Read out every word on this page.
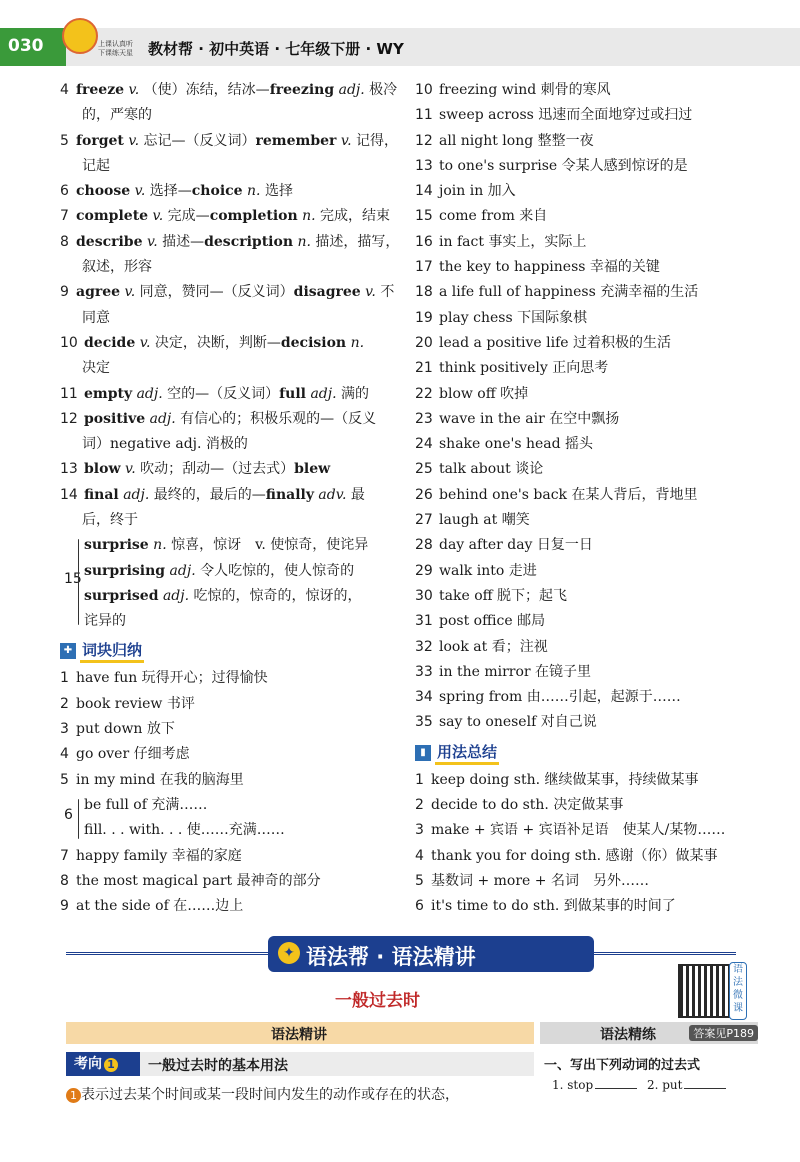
030	上课认真听 下课练天星	教材帮 · 初中英语 · 七年级下册 · WY
4 freeze v. （使）冻结，结冰—freezing adj. 极冷
的，严寒的
5 forget v. 忘记—（反义词）remember v. 记得，
记起
6 choose v. 选择—choice n. 选择
7 complete v. 完成—completion n. 完成，结束
8 describe v. 描述—description n. 描述，描写，
叙述，形容
9 agree v. 同意，赞同—（反义词）disagree v. 不
同意
10 decide v. 决定，决断，判断—decision n.
决定
11 empty adj. 空的—（反义词）full adj. 满的
12 positive adj. 有信心的；积极乐观的—（反义
词）negative adj. 消极的
13 blow v. 吹动；刮动—（过去式）blew
14 final adj. 最终的，最后的—finally adv. 最
后，终于
15
surprise n. 惊喜，惊讶　v. 使惊奇，使诧异
surprising adj. 令人吃惊的，使人惊奇的
surprised adj. 吃惊的，惊奇的，惊讶的，
诧异的
✚ 词块归纳
1 have fun 玩得开心；过得愉快
2 book review 书评
3 put down 放下
4 go over 仔细考虑
5 in my mind 在我的脑海里
6
be full of 充满……
fill. . . with. . . 使……充满……
7 happy family 幸福的家庭
8 the most magical part 最神奇的部分
9 at the side of 在……边上
10 freezing wind 刺骨的寒风
11 sweep across 迅速而全面地穿过或扫过
12 all night long 整整一夜
13 to one's surprise 令某人感到惊讶的是
14 join in 加入
15 come from 来自
16 in fact 事实上，实际上
17 the key to happiness 幸福的关键
18 a life full of happiness 充满幸福的生活
19 play chess 下国际象棋
20 lead a positive life 过着积极的生活
21 think positively 正向思考
22 blow off 吹掉
23 wave in the air 在空中飘扬
24 shake one's head 摇头
25 talk about 谈论
26 behind one's back 在某人背后，背地里
27 laugh at 嘲笑
28 day after day 日复一日
29 walk into 走进
30 take off 脱下；起飞
31 post office 邮局
32 look at 看；注视
33 in the mirror 在镜子里
34 spring from 由……引起，起源于……
35 say to oneself 对自己说
▮ 用法总结
1 keep doing sth. 继续做某事，持续做某事
2 decide to do sth. 决定做某事
3 make + 宾语 + 宾语补足语　使某人/某物……
4 thank you for doing sth. 感谢（你）做某事
5 基数词 + more + 名词　另外……
6 it's time to do sth. 到做某事的时间了
✦ 语法帮 · 语法精讲
一般过去时
语法微课
语法精讲	语法精练	答案见P189
考向 1	一般过去时的基本用法
1 表示过去某个时间或某一段时间内发生的动作或存在的状态，
一、写出下列动词的过去式
1. stop	2. put
